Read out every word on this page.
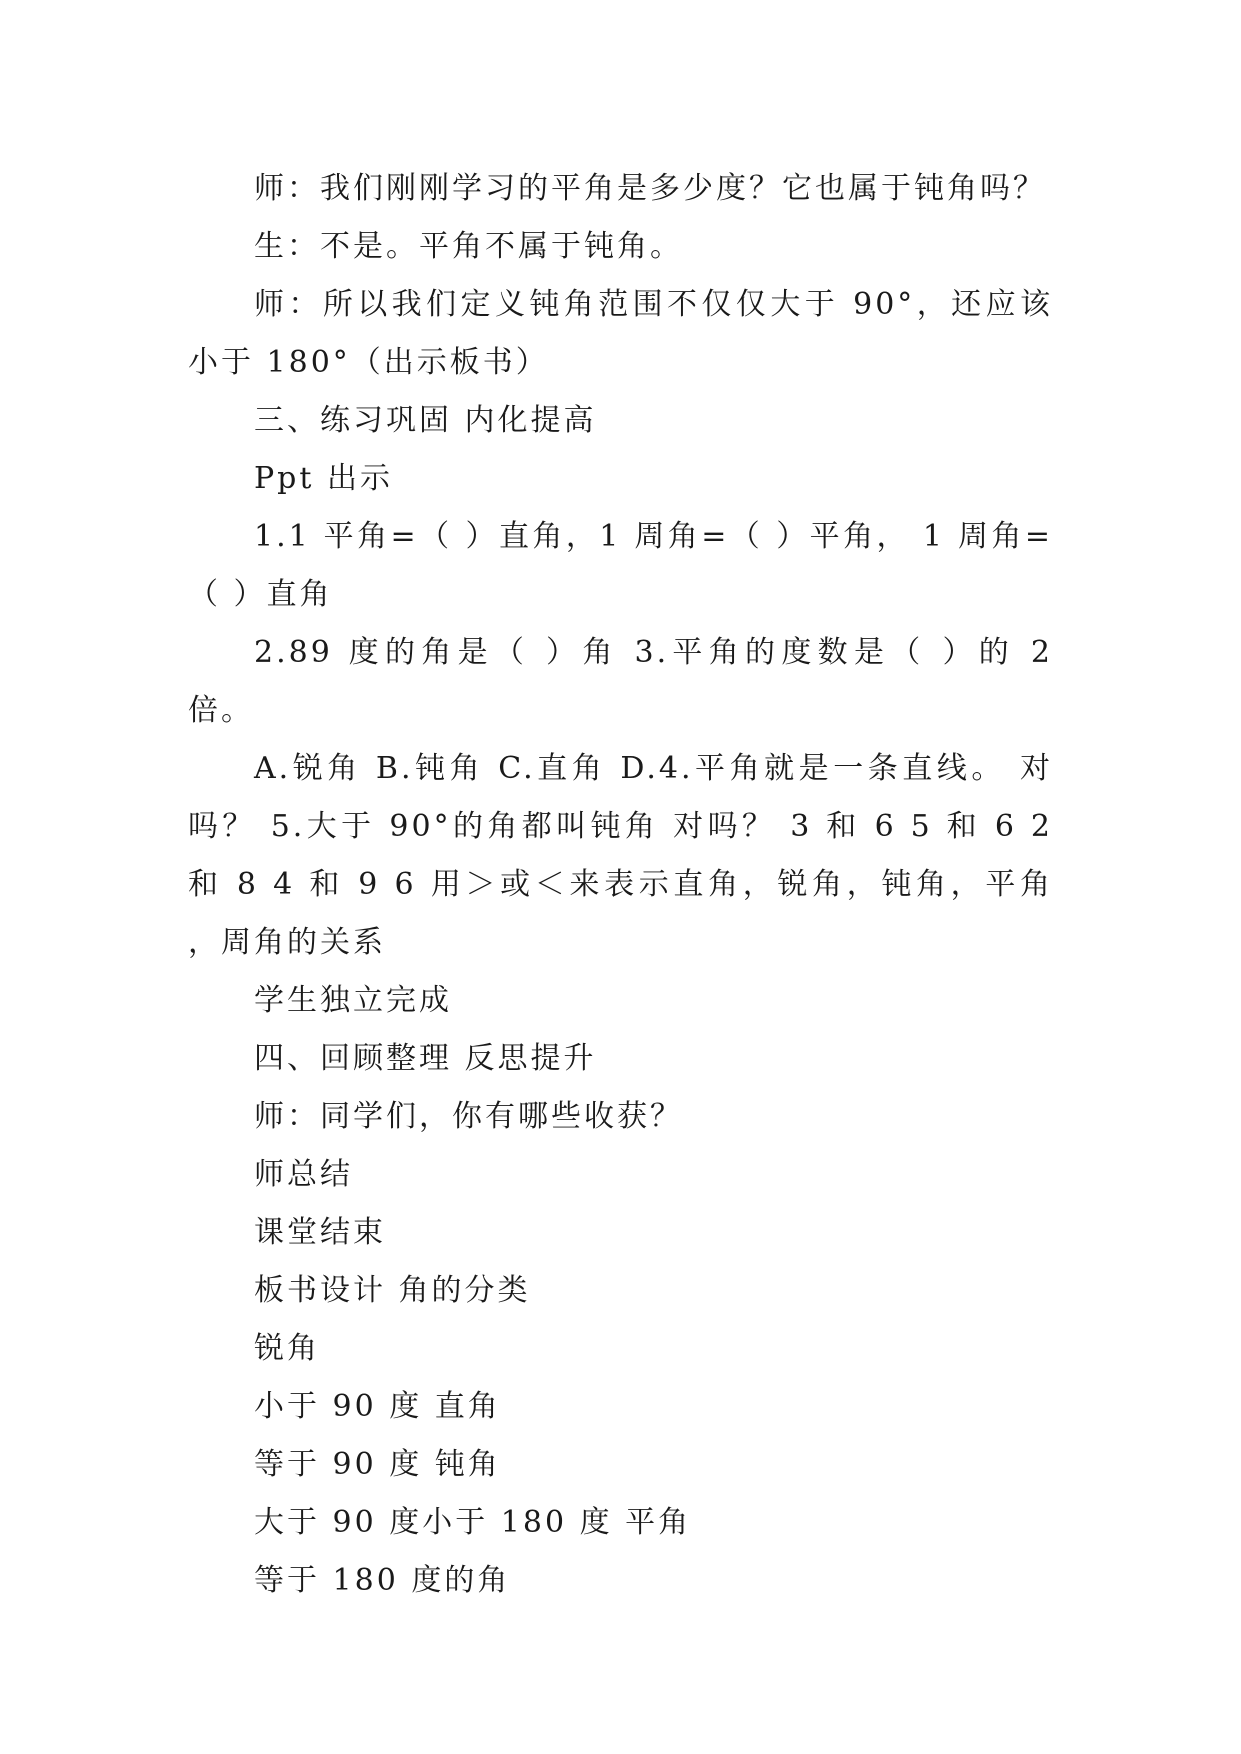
师：我们刚刚学习的平角是多少度？它也属于钝角吗？

生：不是。平角不属于钝角。

师：所以我们定义钝角范围不仅仅大于 90°，还应该小于 180°（出示板书）

三、练习巩固 内化提高

Ppt 出示

1.1 平角=（ ）直角，1 周角=（ ）平角， 1 周角=（ ）直角

2.89 度的角是（ ）角 3.平角的度数是（ ）的 2 倍。

A.锐角 B.钝角 C.直角 D.4.平角就是一条直线。 对吗？ 5.大于 90°的角都叫钝角 对吗？ 3 和 6 5 和 6 2 和 8 4 和 9 6 用＞或＜来表示直角，锐角，钝角，平角 ，周角的关系

学生独立完成

四、回顾整理 反思提升

师：同学们，你有哪些收获？

师总结

课堂结束

板书设计 角的分类

锐角

小于 90 度 直角

等于 90 度 钝角

大于 90 度小于 180 度 平角

等于 180 度的角
